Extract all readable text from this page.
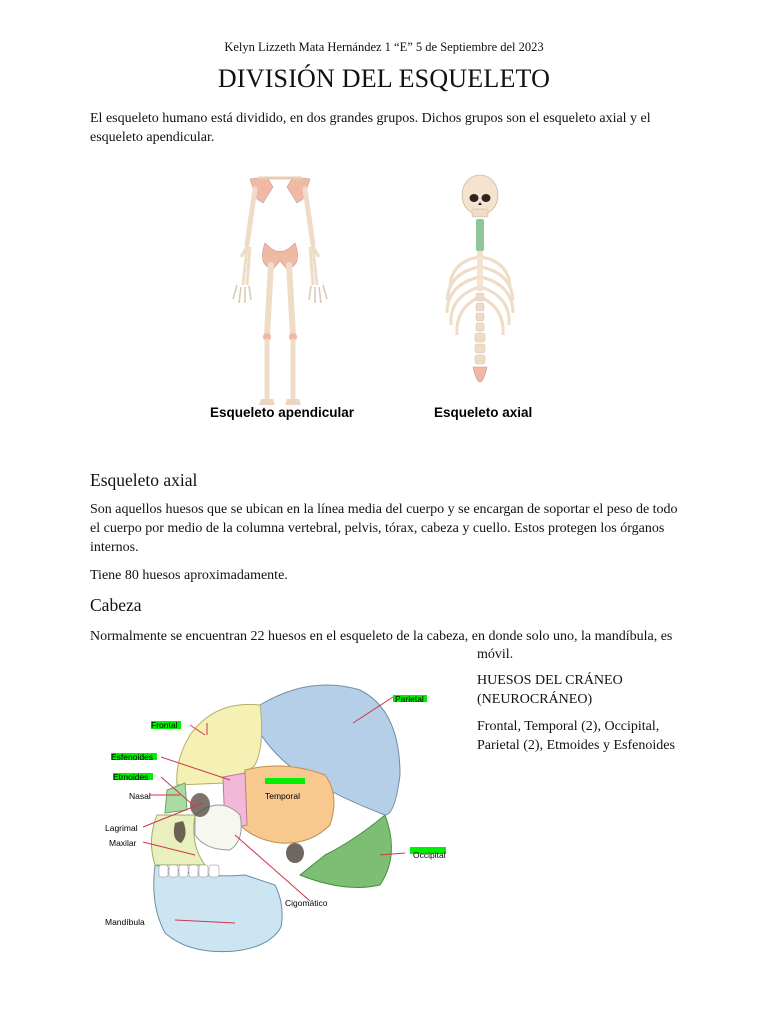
Kelyn Lizzeth Mata Hernández 1 “E” 5 de Septiembre del 2023
DIVISIÓN DEL ESQUELETO
El esqueleto humano está dividido, en dos grandes grupos. Dichos grupos son el esqueleto axial y el esqueleto apendicular.
Esqueleto apendicular	Esqueleto axial
Esqueleto axial
Son aquellos huesos que se ubican en la línea media del cuerpo y se encargan de soportar el peso de todo el cuerpo por medio de la columna vertebral, pelvis, tórax, cabeza y cuello. Estos protegen los órganos internos.
Tiene 80 huesos aproximadamente.
Cabeza
Normalmente se encuentran 22 huesos en el esqueleto de la cabeza, en donde solo uno, la mandíbula, es
móvil.
HUESOS DEL CRÁNEO (NEUROCRÁNEO)
Frontal, Temporal (2), Occipital, Parietal (2), Etmoides y Esfenoides
Frontal
Parietal
Esfenoides
Etmoides
Nasal
Lagrimal
Maxilar
Temporal
Occipital
Cigomático
Mandíbula
